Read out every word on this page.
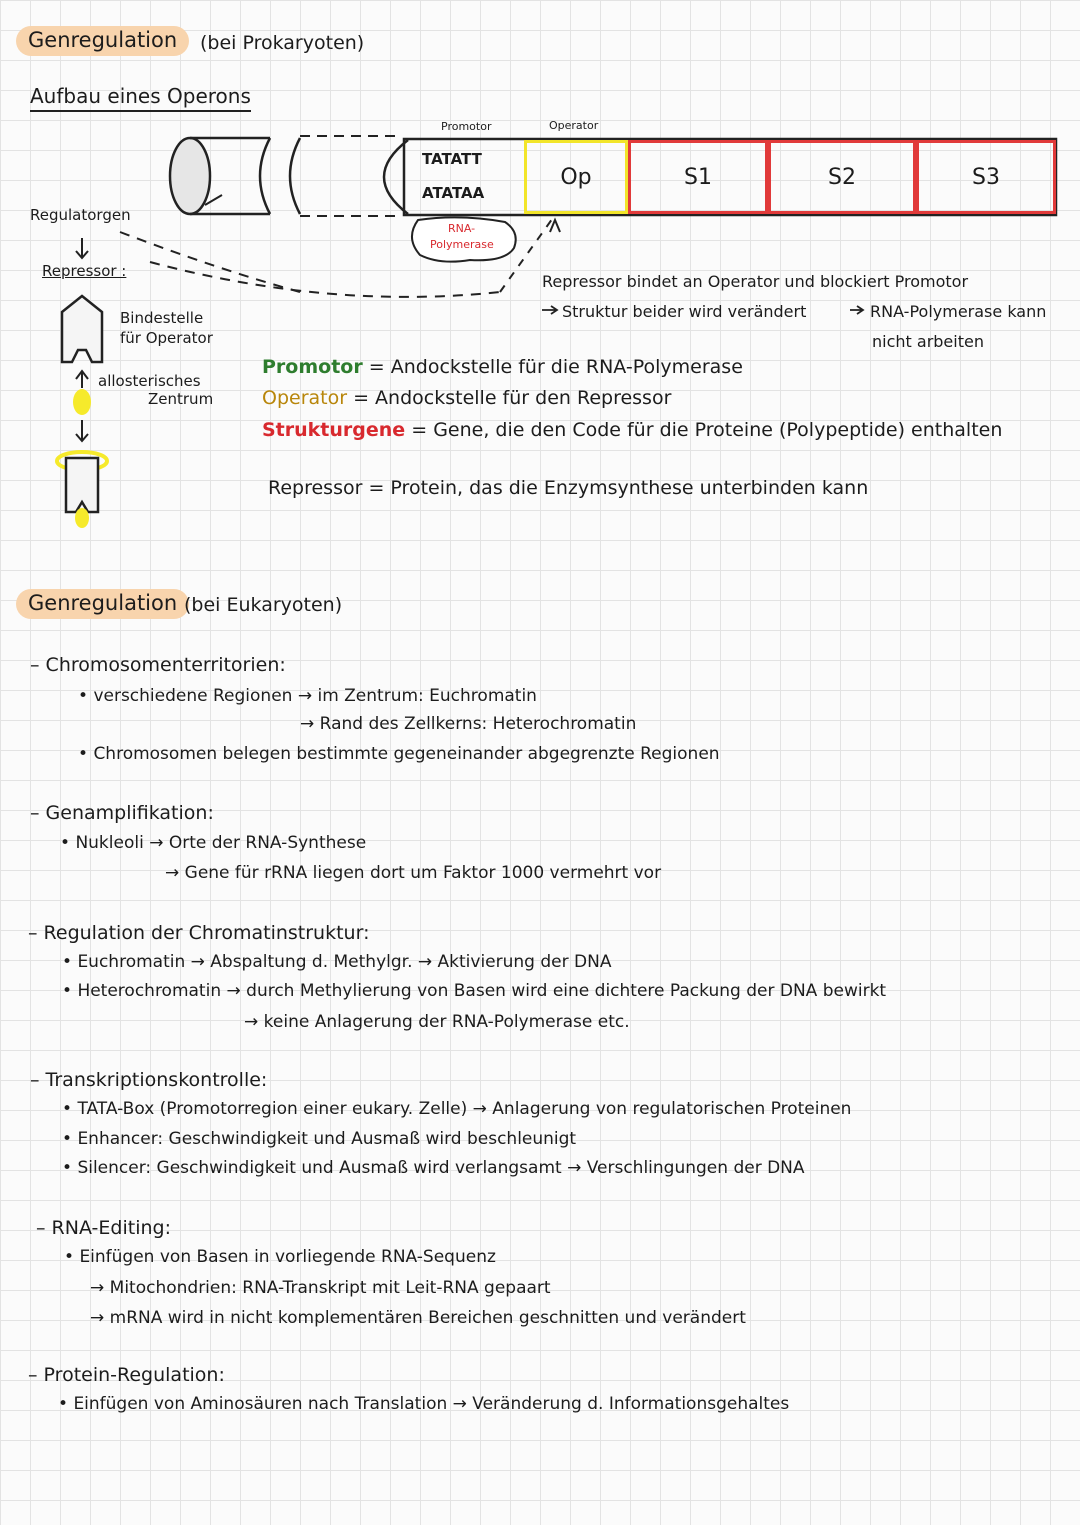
Genregulation	(bei Prokaryoten)
Aufbau eines Operons
Promotor	Operator
TATATT
ATATAA
Op	S1	S2	S3
RNA-
Polymerase
Regulatorgen
Repressor :
Bindestelle
für Operator
allosterisches
Zentrum
Repressor bindet an Operator und blockiert Promotor
Struktur beider wird verändert	RNA-Polymerase kann
nicht arbeiten
Promotor = Andockstelle für die RNA-Polymerase
Operator = Andockstelle für den Repressor
Strukturgene = Gene, die den Code für die Proteine (Polypeptide) enthalten
Repressor = Protein, das die Enzymsynthese unterbinden kann
Genregulation (bei Eukaryoten)
– Chromosomenterritorien:
• verschiedene Regionen → im Zentrum: Euchromatin
→ Rand des Zellkerns: Heterochromatin
• Chromosomen belegen bestimmte gegeneinander abgegrenzte Regionen
– Genamplifikation:
• Nukleoli → Orte der RNA-Synthese
→ Gene für rRNA liegen dort um Faktor 1000 vermehrt vor
– Regulation der Chromatinstruktur:
• Euchromatin → Abspaltung d. Methylgr. → Aktivierung der DNA
• Heterochromatin → durch Methylierung von Basen wird eine dichtere Packung der DNA bewirkt
→ keine Anlagerung der RNA-Polymerase etc.
– Transkriptionskontrolle:
• TATA-Box (Promotorregion einer eukary. Zelle) → Anlagerung von regulatorischen Proteinen
• Enhancer: Geschwindigkeit und Ausmaß wird beschleunigt
• Silencer: Geschwindigkeit und Ausmaß wird verlangsamt → Verschlingungen der DNA
– RNA-Editing:
• Einfügen von Basen in vorliegende RNA-Sequenz
→ Mitochondrien: RNA-Transkript mit Leit-RNA gepaart
→ mRNA wird in nicht komplementären Bereichen geschnitten und verändert
– Protein-Regulation:
• Einfügen von Aminosäuren nach Translation → Veränderung d. Informationsgehaltes
